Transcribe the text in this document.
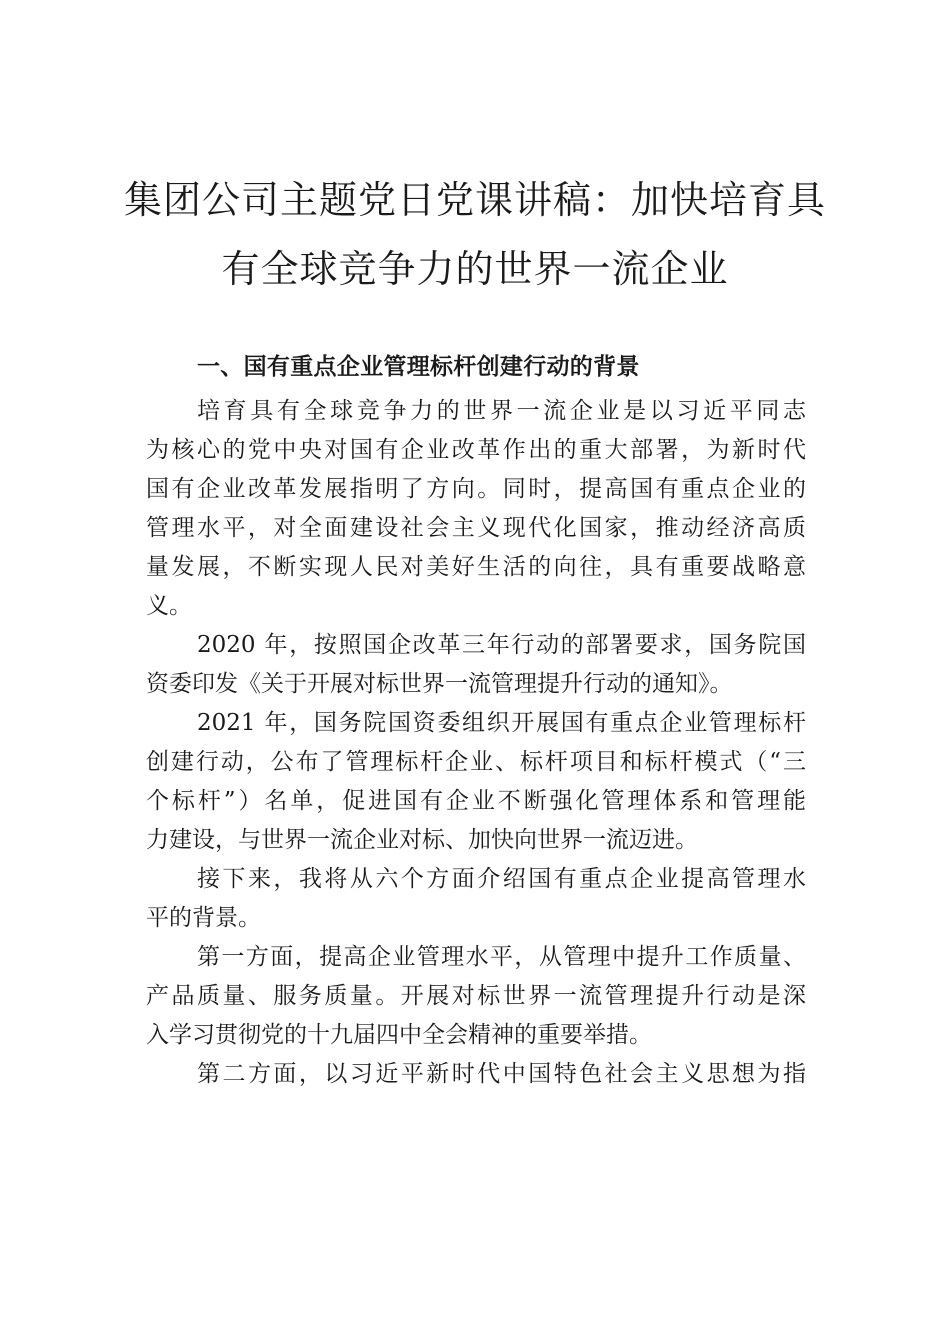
集团公司主题党日党课讲稿：加快培育具
有全球竞争力的世界一流企业
一、国有重点企业管理标杆创建行动的背景
培育具有全球竞争力的世界一流企业是以习近平同志
为核心的党中央对国有企业改革作出的重大部署，为新时代
国有企业改革发展指明了方向。同时，提高国有重点企业的
管理水平，对全面建设社会主义现代化国家，推动经济高质
量发展，不断实现人民对美好生活的向往，具有重要战略意
义。
2020 年，按照国企改革三年行动的部署要求，国务院国
资委印发《关于开展对标世界一流管理提升行动的通知》。
2021 年，国务院国资委组织开展国有重点企业管理标杆
创建行动，公布了管理标杆企业、标杆项目和标杆模式（“三
个标杆”）名单，促进国有企业不断强化管理体系和管理能
力建设，与世界一流企业对标、加快向世界一流迈进。
接下来，我将从六个方面介绍国有重点企业提高管理水
平的背景。
第一方面，提高企业管理水平，从管理中提升工作质量、
产品质量、服务质量。开展对标世界一流管理提升行动是深
入学习贯彻党的十九届四中全会精神的重要举措。
第二方面，以习近平新时代中国特色社会主义思想为指
